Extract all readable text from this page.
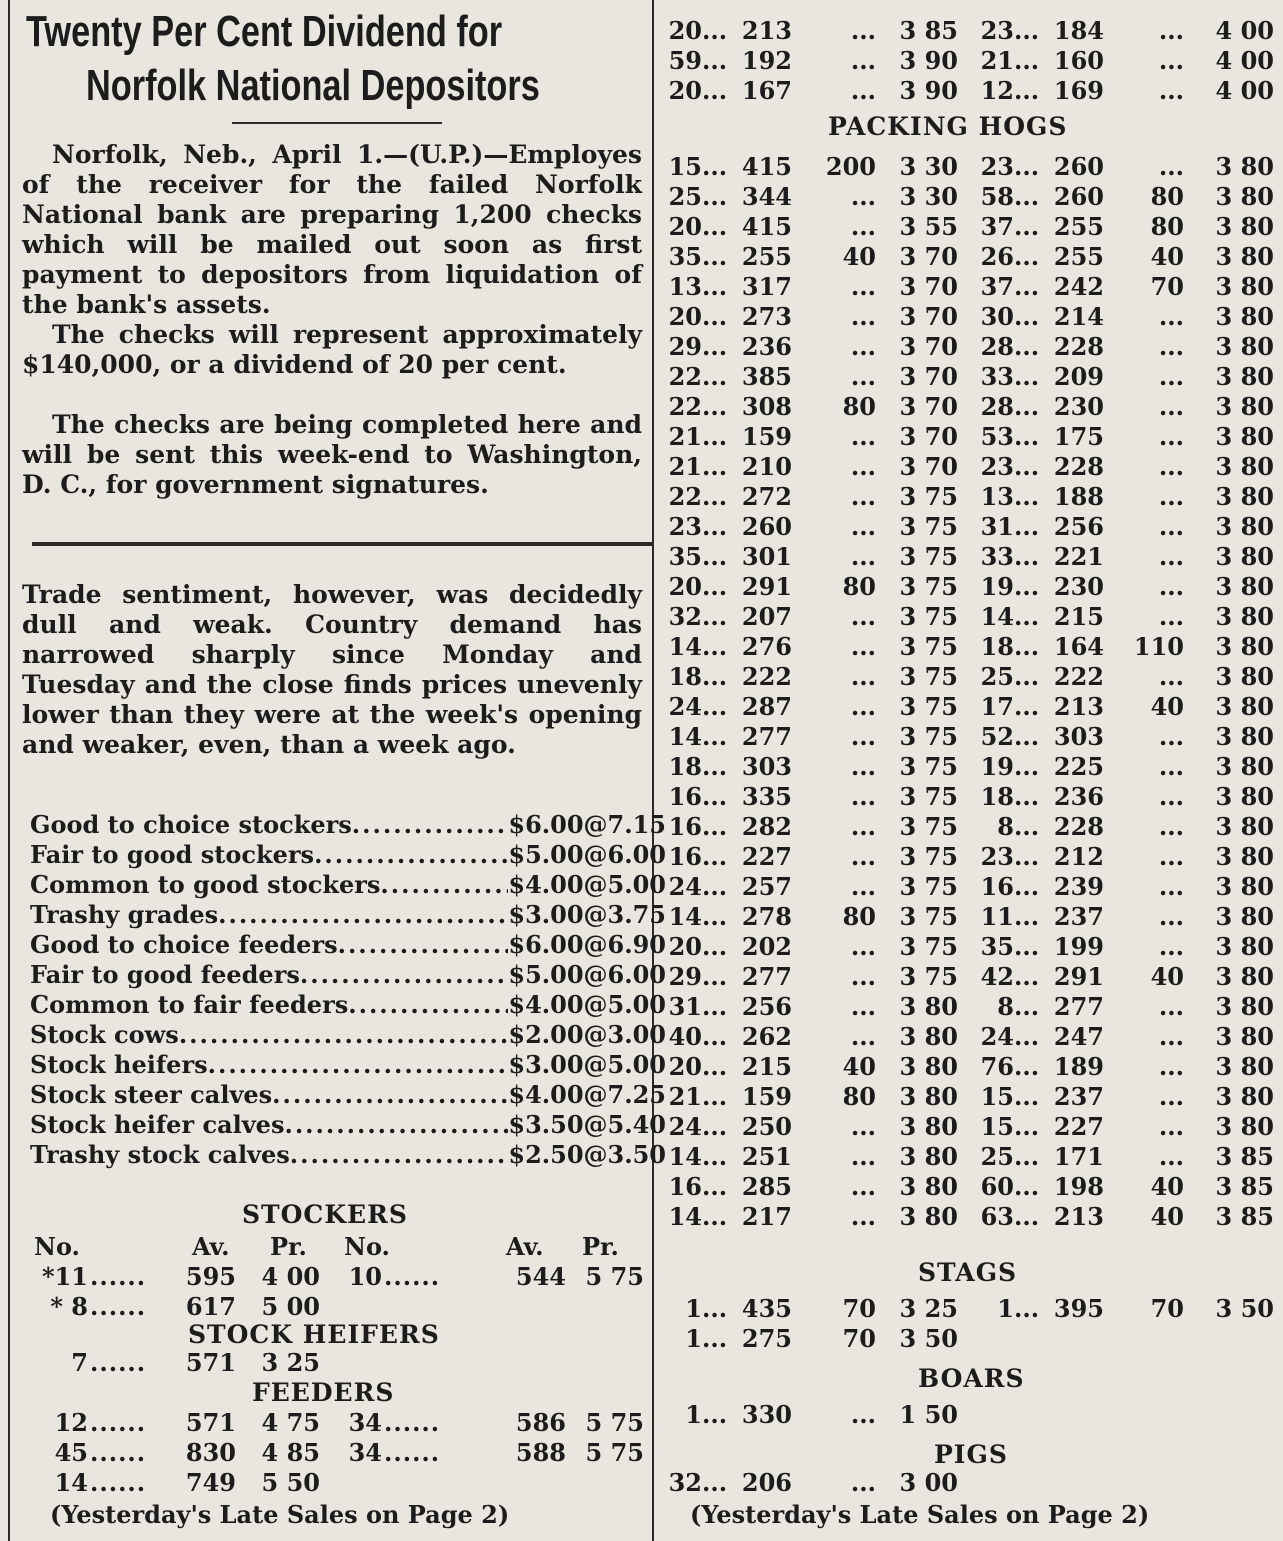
Twenty Per Cent Dividend for
Norfolk National Depositors

Norfolk, Neb., April 1.—(U.P.)—Employes of the receiver for the failed Norfolk National bank are preparing 1,200 checks which will be mailed out soon as first payment to depositors from liquidation of the bank's assets.

The checks will represent approximately $140,000, or a dividend of 20 per cent.

The checks are being completed here and will be sent this week-end to Washington, D. C., for government signatures.

Trade sentiment, however, was decidedly dull and weak. Country demand has narrowed sharply since Monday and Tuesday and the close finds prices unevenly lower than they were at the week's opening and weaker, even, than a week ago.

Good to choice stockers .....	$6.00@7.15
Fair to good stockers .....	$5.00@6.00
Common to good stockers .....	$4.00@5.00
Trashy grades .....	$3.00@3.75
Good to choice feeders .....	$6.00@6.90
Fair to good feeders .....	$5.00@6.00
Common to fair feeders .....	$4.00@5.00
Stock cows .....	$2.00@3.00
Stock heifers .....	$3.00@5.00
Stock steer calves .....	$4.00@7.25
Stock heifer calves .....	$3.50@5.40
Trashy stock calves .....	$2.50@3.50
STOCKERS
No.	Av. Pr. No.	Av. Pr.
*11 ......	595	4 00	10 ......	544 5 75
* 8 ......	617	5 00
STOCK HEIFERS
7 ......	571	3 25
FEEDERS
12 ......	571	4 75	34 ......	586 5 75
45 ......	830	4 85	34 ......	588 5 75
14 ......	749	5 50
(Yesterday's Late Sales on Page 2)
20 ... 213	... 3 85 23 ... 184	...	4 00
59 ... 192	... 3 90 21 ... 160	...	4 00
20 ... 167	... 3 90 12 ... 169	...	4 00
PACKING HOGS
15 ... 415	200 3 30 23 ... 260	...	3 80
25 ... 344	... 3 30 58 ... 260	80	3 80
20 ... 415	... 3 55 37 ... 255	80	3 80
35 ... 255	40 3 70 26 ... 255	40	3 80
13 ... 317	... 3 70 37 ... 242	70	3 80
20 ... 273	... 3 70 30 ... 214	...	3 80
29 ... 236	... 3 70 28 ... 228	...	3 80
22 ... 385	... 3 70 33 ... 209	...	3 80
22 ... 308	80 3 70 28 ... 230	...	3 80
21 ... 159	... 3 70 53 ... 175	...	3 80
21 ... 210	... 3 70 23 ... 228	...	3 80
22 ... 272	... 3 75 13 ... 188	...	3 80
23 ... 260	... 3 75 31 ... 256	...	3 80
35 ... 301	... 3 75 33 ... 221	...	3 80
20 ... 291	80 3 75 19 ... 230	...	3 80
32 ... 207	... 3 75 14 ... 215	...	3 80
14 ... 276	... 3 75 18 ... 164	110	3 80
18 ... 222	... 3 75 25 ... 222	...	3 80
24 ... 287	... 3 75 17 ... 213	40	3 80
14 ... 277	... 3 75 52 ... 303	...	3 80
18 ... 303	... 3 75 19 ... 225	...	3 80
16 ... 335	... 3 75 18 ... 236	...	3 80
16 ... 282	... 3 75	8 ... 228	...	3 80
16 ... 227	... 3 75 23 ... 212	...	3 80
24 ... 257	... 3 75 16 ... 239	...	3 80
14 ... 278	80 3 75 11 ... 237	...	3 80
20 ... 202	... 3 75 35 ... 199	...	3 80
29 ... 277	... 3 75 42 ... 291	40	3 80
31 ... 256	... 3 80	8 ... 277	...	3 80
40 ... 262	... 3 80 24 ... 247	...	3 80
20 ... 215	40 3 80 76 ... 189	...	3 80
21 ... 159	80 3 80 15 ... 237	...	3 80
24 ... 250	... 3 80 15 ... 227	...	3 80
14 ... 251	... 3 80 25 ... 171	...	3 85
16 ... 285	... 3 80 60 ... 198	40	3 85
14 ... 217	... 3 80 63 ... 213	40	3 85
STAGS
1 ... 435	70 3 25	1 ... 395	70	3 50
1 ... 275	70 3 50
BOARS
1 ... 330	... 1 50
PIGS
32 ... 206	... 3 00
(Yesterday's Late Sales on Page 2)
